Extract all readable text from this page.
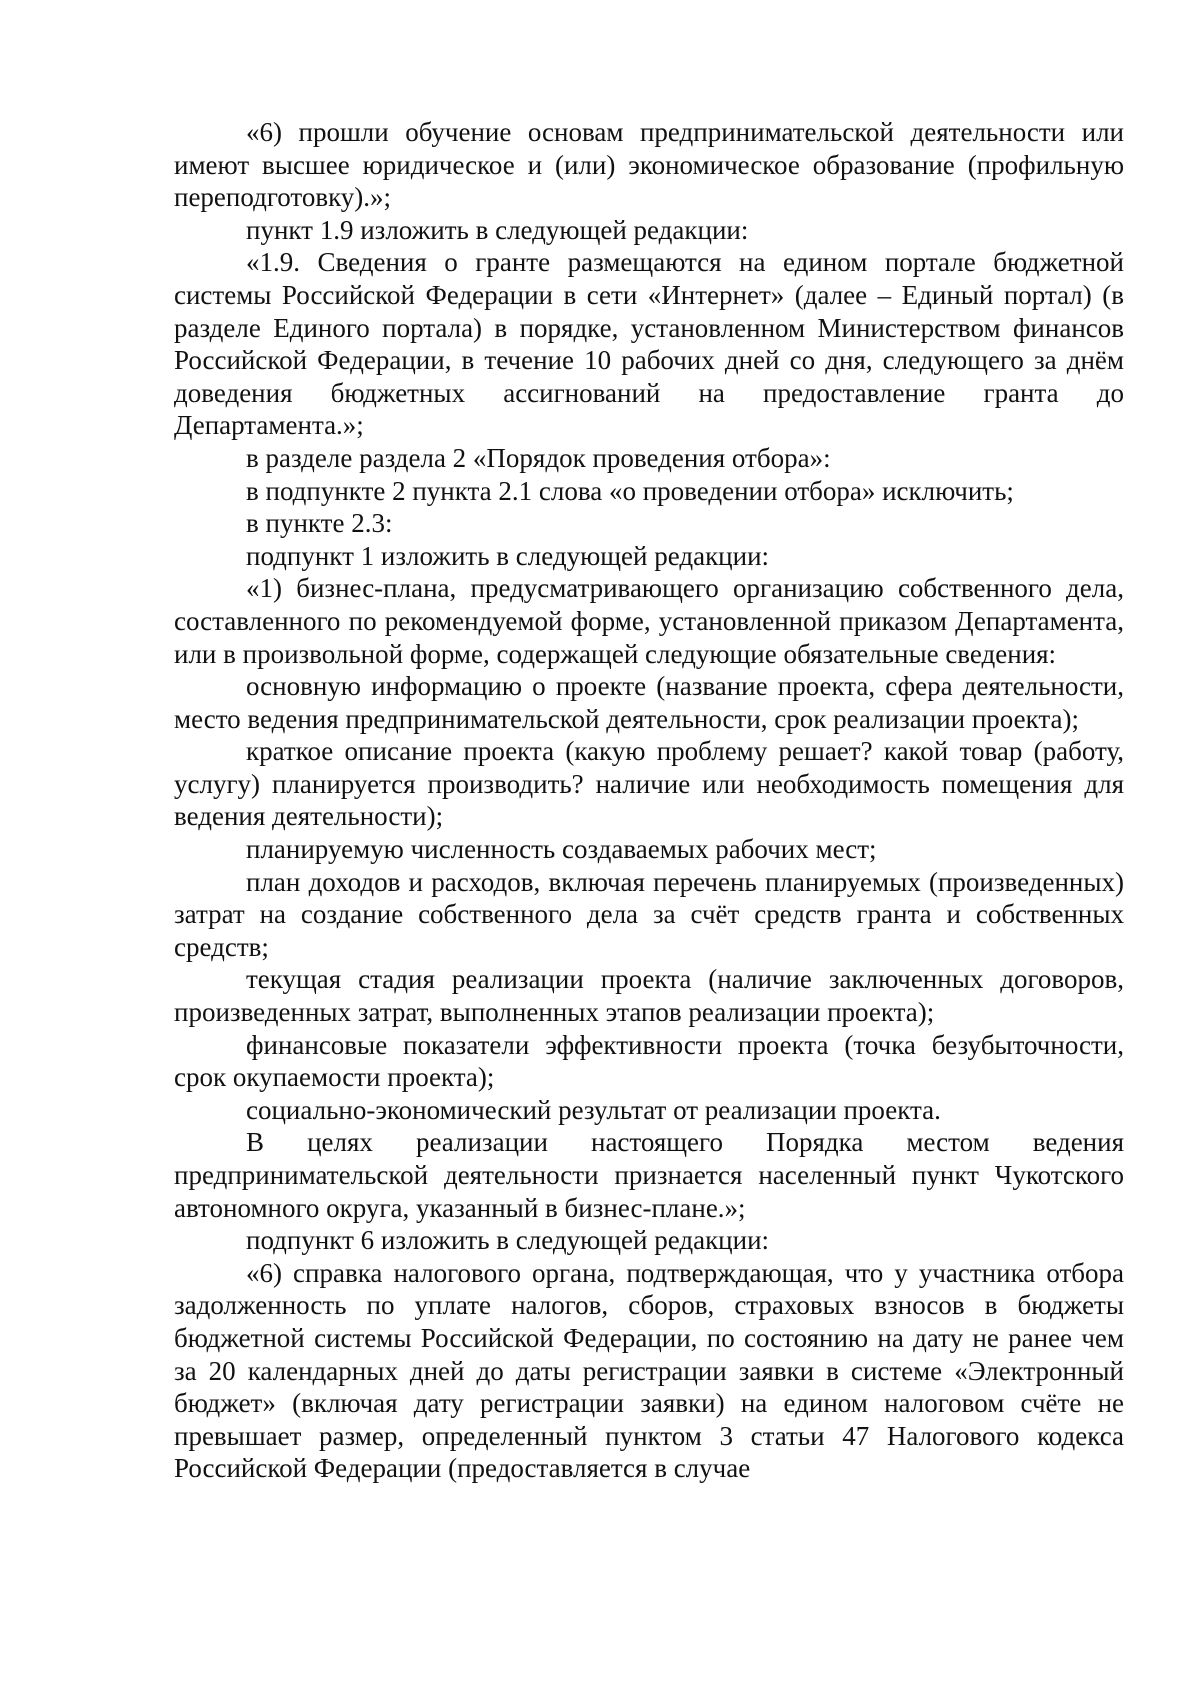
«6) прошли обучение основам предпринимательской деятельности или имеют высшее юридическое и (или) экономическое образование (профильную переподготовку).»;

пункт 1.9 изложить в следующей редакции:

«1.9. Сведения о гранте размещаются на едином портале бюджетной системы Российской Федерации в сети «Интернет» (далее – Единый портал) (в разделе Единого портала) в порядке, установленном Министерством финансов Российской Федерации, в течение 10 рабочих дней со дня, следующего за днём доведения бюджетных ассигнований на предоставление гранта до Департамента.»;

в разделе раздела 2 «Порядок проведения отбора»:

в подпункте 2 пункта 2.1 слова «о проведении отбора» исключить;

в пункте 2.3:

подпункт 1 изложить в следующей редакции:

«1) бизнес-плана, предусматривающего организацию собственного дела, составленного по рекомендуемой форме, установленной приказом Департамента, или в произвольной форме, содержащей следующие обязательные сведения:

основную информацию о проекте (название проекта, сфера деятельности, место ведения предпринимательской деятельности, срок реализации проекта);

краткое описание проекта (какую проблему решает? какой товар (работу, услугу) планируется производить? наличие или необходимость помещения для ведения деятельности);

планируемую численность создаваемых рабочих мест;

план доходов и расходов, включая перечень планируемых (произведенных) затрат на создание собственного дела за счёт средств гранта и собственных средств;

текущая стадия реализации проекта (наличие заключенных договоров, произведенных затрат, выполненных этапов реализации проекта);

финансовые показатели эффективности проекта (точка безубыточности, срок окупаемости проекта);

социально-экономический результат от реализации проекта.

В целях реализации настоящего Порядка местом ведения предпринимательской деятельности признается населенный пункт Чукотского автономного округа, указанный в бизнес-плане.»;

подпункт 6 изложить в следующей редакции:

«6) справка налогового органа, подтверждающая, что у участника отбора задолженность по уплате налогов, сборов, страховых взносов в бюджеты бюджетной системы Российской Федерации, по состоянию на дату не ранее чем за 20 календарных дней до даты регистрации заявки в системе «Электронный бюджет» (включая дату регистрации заявки) на едином налоговом счёте не превышает размер, определенный пунктом 3 статьи 47 Налогового кодекса Российской Федерации (предоставляется в случае
